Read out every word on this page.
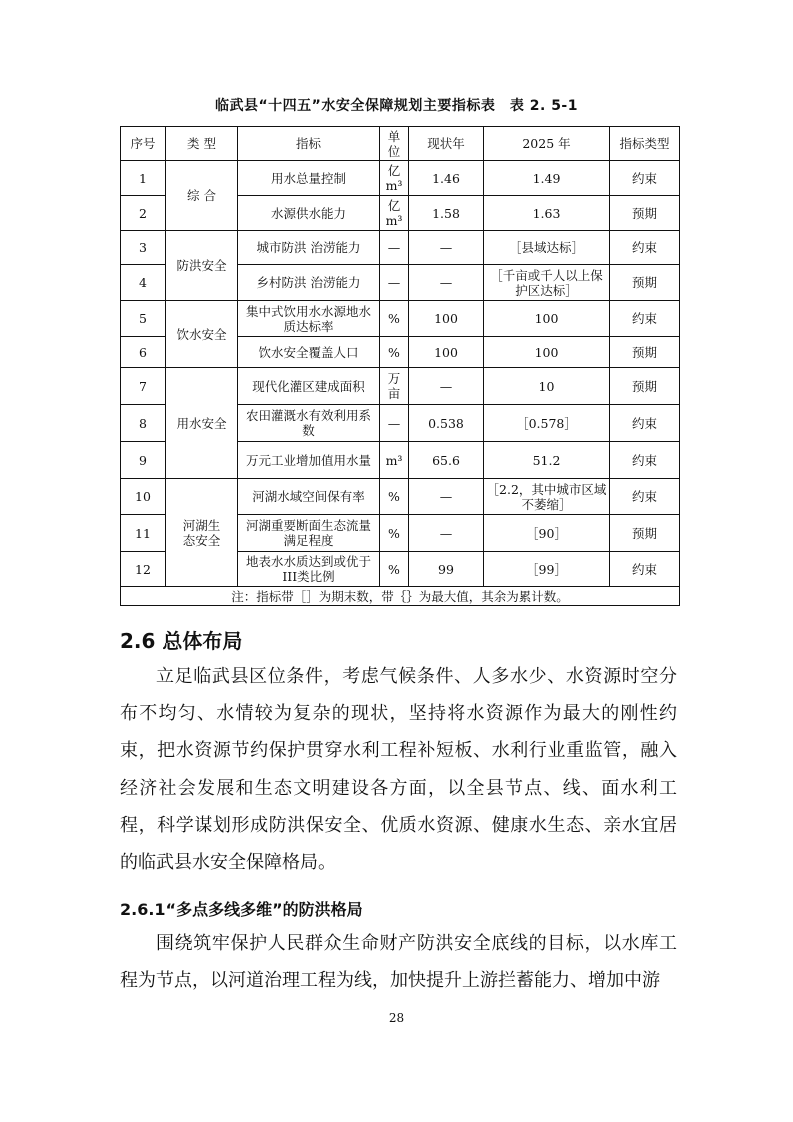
临武县“十四五”水安全保障规划主要指标表　表 2. 5-1
序号	类 型	指标	单位	现状年	2025 年	指标类型
1	综 合	用水总量控制	亿 m³	1.46	1.49	约束
2		水源供水能力	亿 m³	1.58	1.63	预期
3	防洪安全	城市防洪 治涝能力	—	—	［县域达标］	约束
4		乡村防洪 治涝能力	—	—	［千亩或千人以上保护区达标］	预期
5	饮水安全	集中式饮用水水源地水质达标率	%	100	100	约束
6		饮水安全覆盖人口	%	100	100	预期
7	用水安全	现代化灌区建成面积	万亩	—	10	预期
8		农田灌溉水有效利用系数	—	0.538	［0.578］	约束
9		万元工业增加值用水量	m³	65.6	51.2	约束
10	河湖生态安全	河湖水域空间保有率	%	—	［2.2，其中城市区域不萎缩］	约束
11		河湖重要断面生态流量满足程度	%	—	［90］	预期
12		地表水水质达到或优于III类比例	%	99	［99］	约束
注：指标带［］为期末数，带｛｝为最大值，其余为累计数。						
2.6 总体布局

立足临武县区位条件，考虑气候条件、人多水少、水资源时空分布不均匀、水情较为复杂的现状，坚持将水资源作为最大的刚性约束，把水资源节约保护贯穿水利工程补短板、水利行业重监管，融入经济社会发展和生态文明建设各方面，以全县节点、线、面水利工程，科学谋划形成防洪保安全、优质水资源、健康水生态、亲水宜居的临武县水安全保障格局。

2.6.1“多点多线多维”的防洪格局

围绕筑牢保护人民群众生命财产防洪安全底线的目标，以水库工程为节点，以河道治理工程为线，加快提升上游拦蓄能力、增加中游

28
